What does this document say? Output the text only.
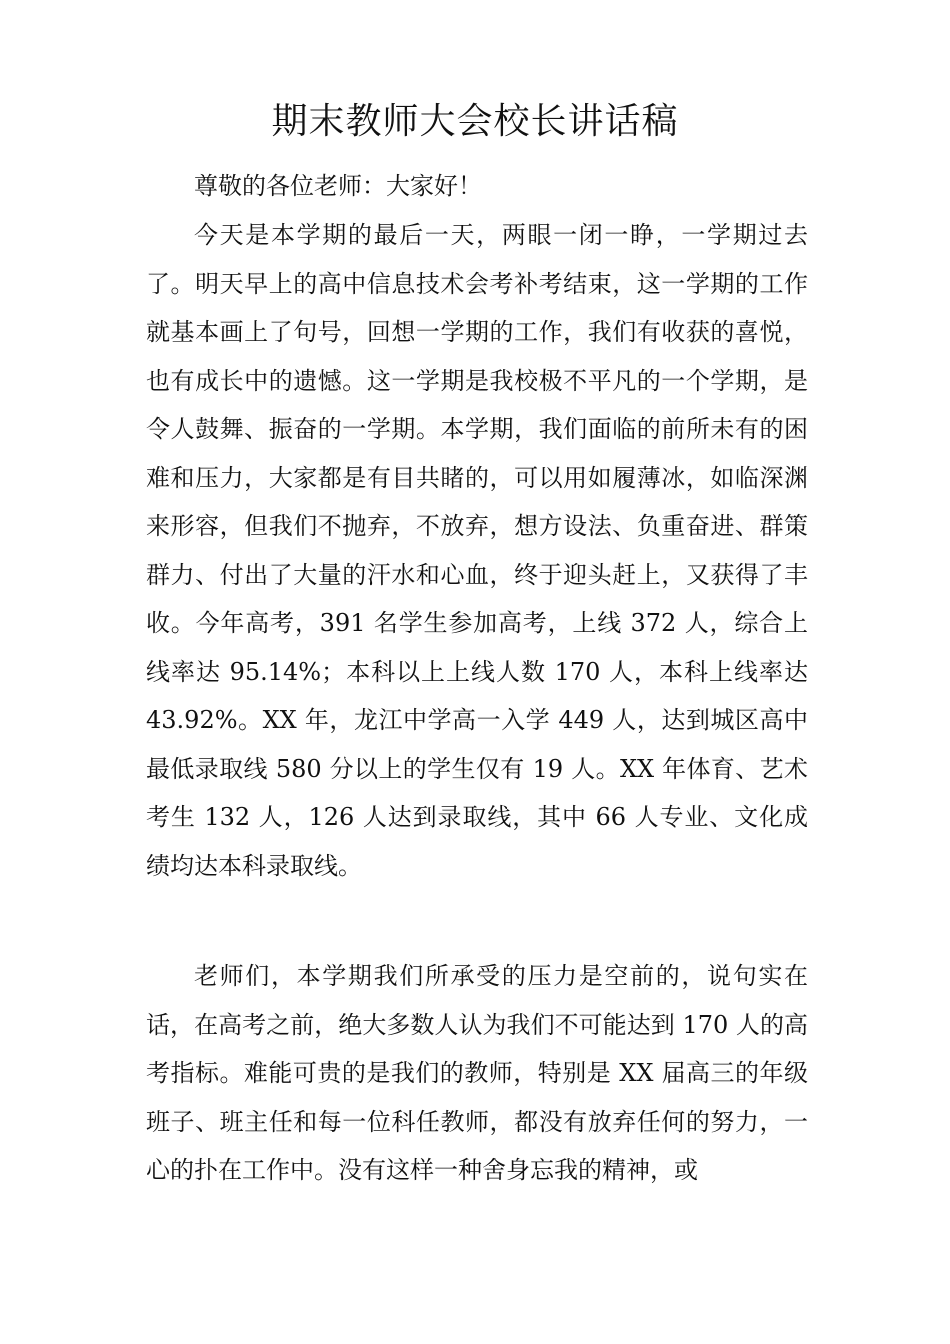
期末教师大会校长讲话稿

尊敬的各位老师：大家好！

今天是本学期的最后一天，两眼一闭一睁，一学期过去了。明天早上的高中信息技术会考补考结束，这一学期的工作就基本画上了句号，回想一学期的工作，我们有收获的喜悦，也有成长中的遗憾。这一学期是我校极不平凡的一个学期，是令人鼓舞、振奋的一学期。本学期，我们面临的前所未有的困难和压力，大家都是有目共睹的，可以用如履薄冰，如临深渊来形容，但我们不抛弃，不放弃，想方设法、负重奋进、群策群力、付出了大量的汗水和心血，终于迎头赶上，又获得了丰收。今年高考，391 名学生参加高考，上线 372 人，综合上线率达 95.14%；本科以上上线人数 170 人，本科上线率达 43.92%。XX 年，龙江中学高一入学 449 人，达到城区高中最低录取线 580 分以上的学生仅有 19 人。XX 年体育、艺术考生 132 人，126 人达到录取线，其中 66 人专业、文化成绩均达本科录取线。

老师们，本学期我们所承受的压力是空前的，说句实在话，在高考之前，绝大多数人认为我们不可能达到 170 人的高考指标。难能可贵的是我们的教师，特别是 XX 届高三的年级班子、班主任和每一位科任教师，都没有放弃任何的努力，一心的扑在工作中。没有这样一种舍身忘我的精神，或
